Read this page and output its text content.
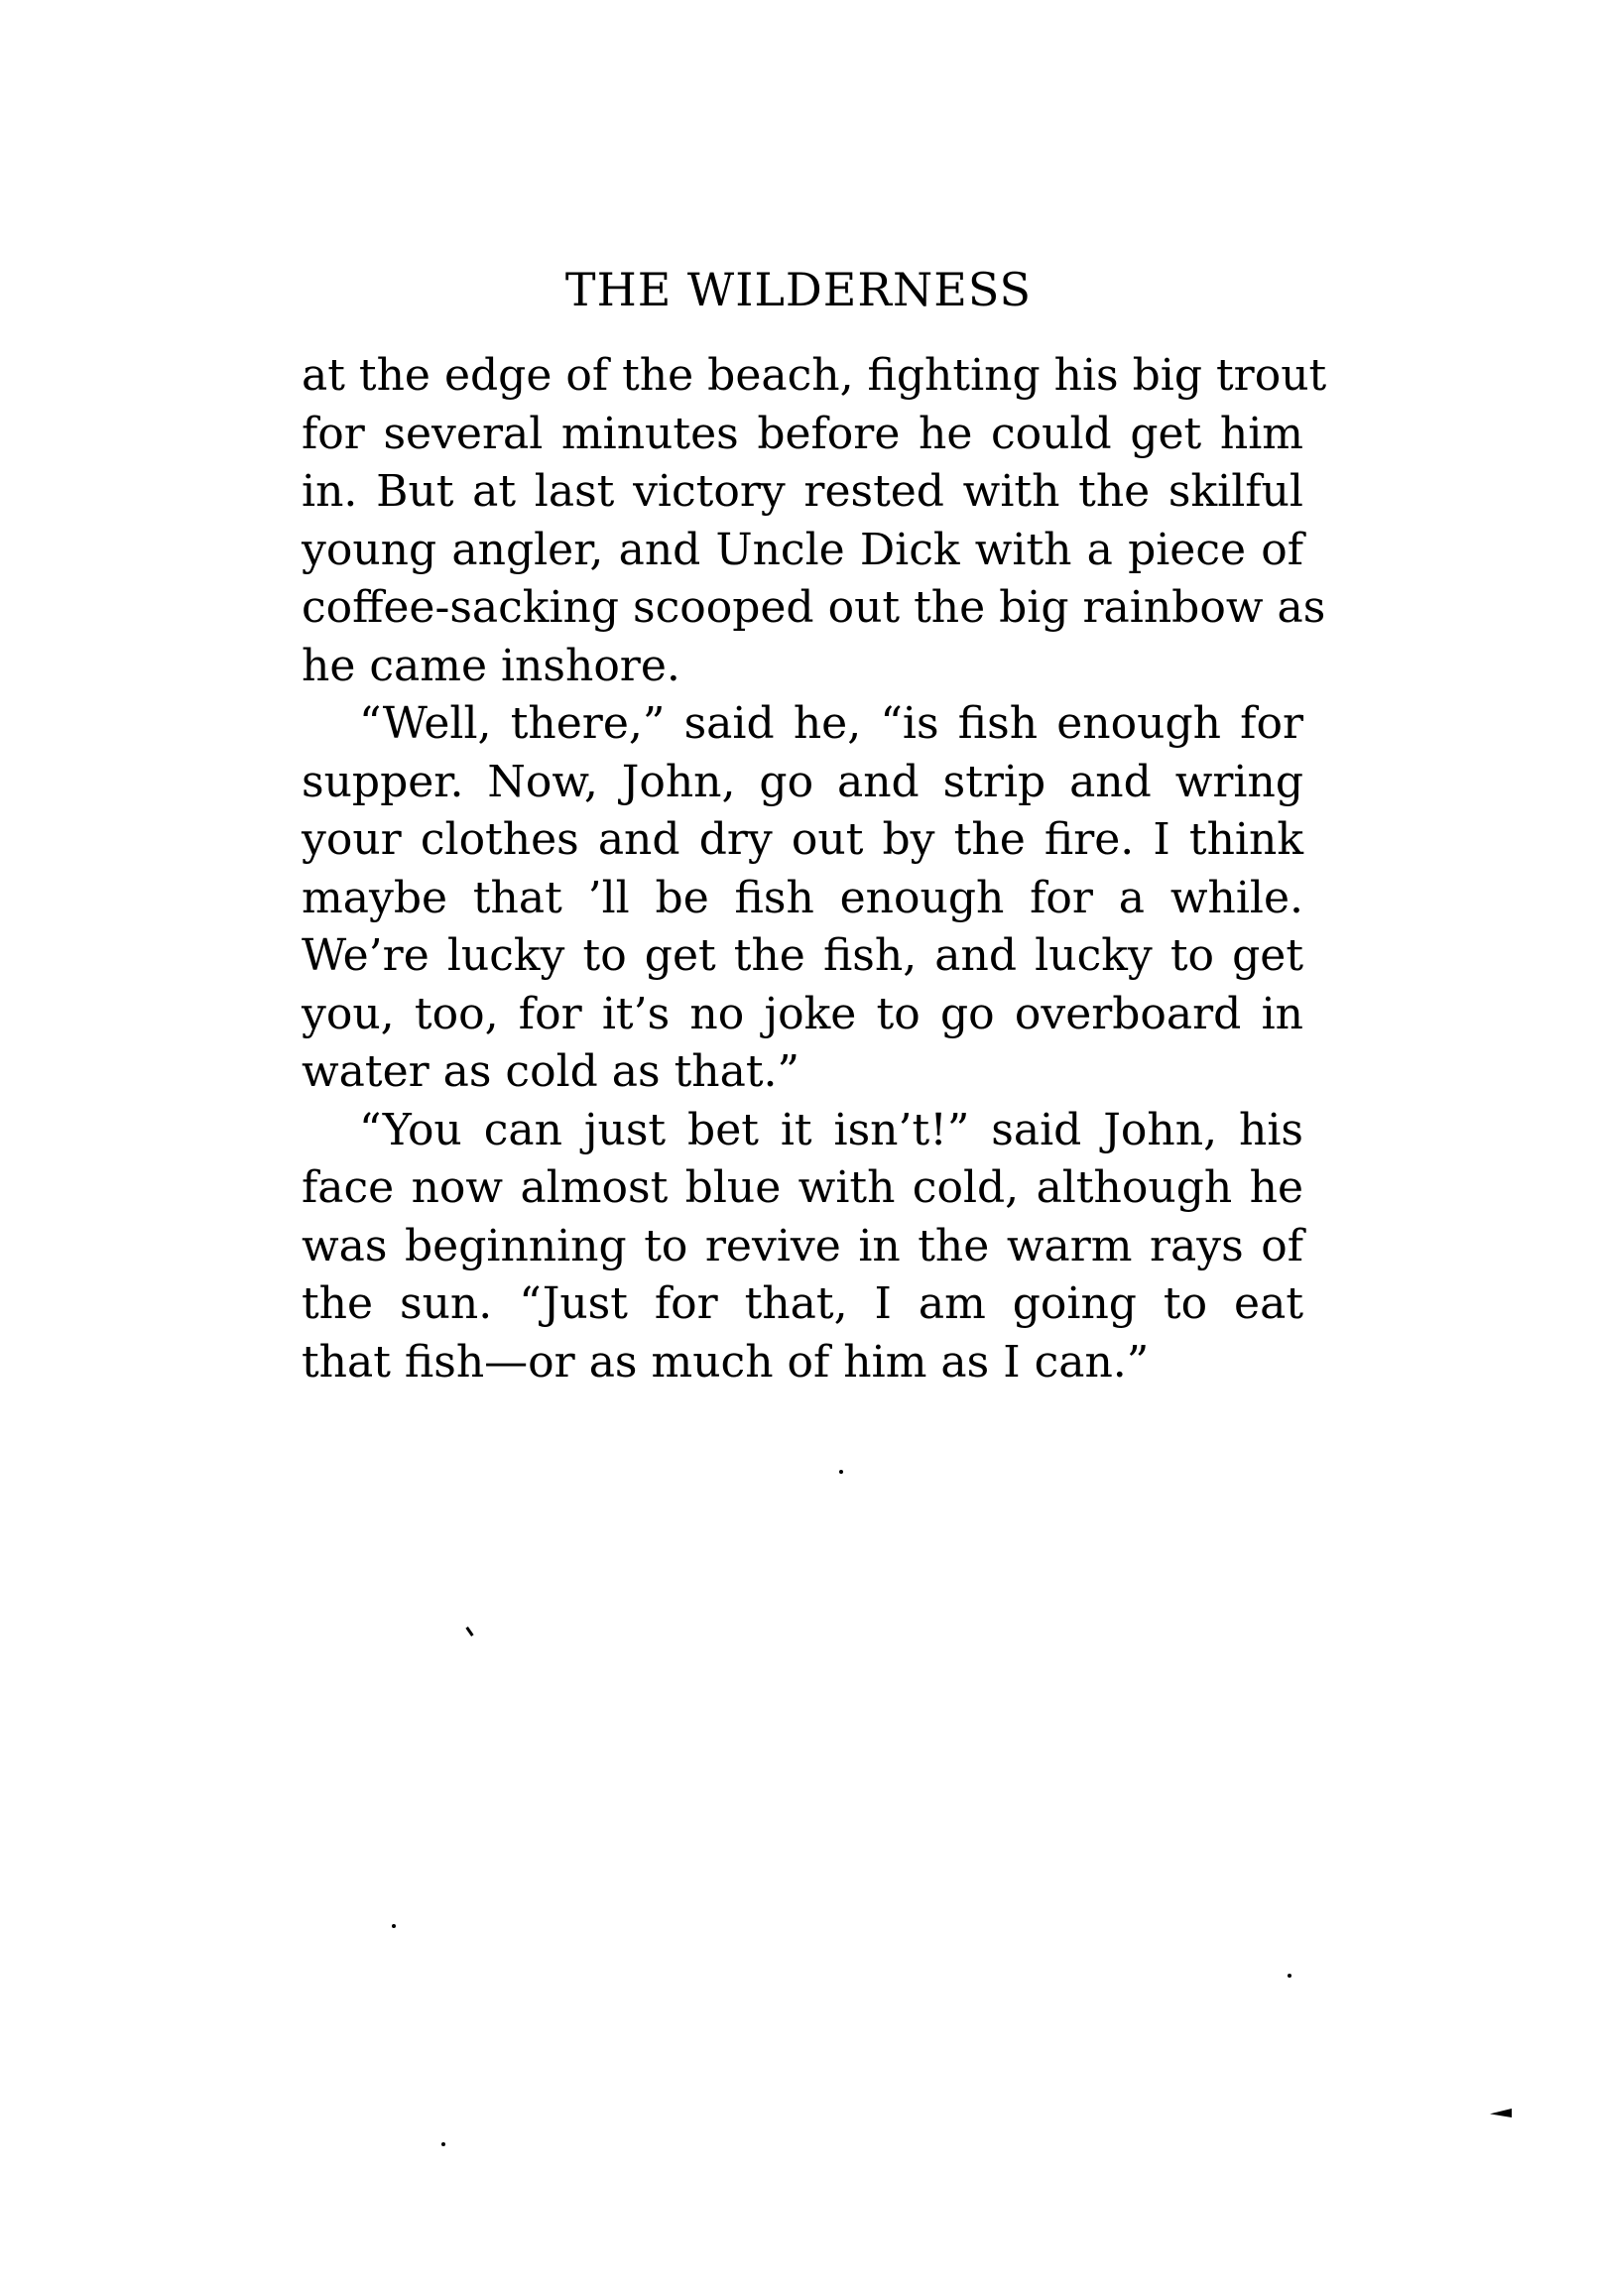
THE WILDERNESS

at the edge of the beach, fighting his big trout
for several minutes before he could get him
in. But at last victory rested with the skilful
young angler, and Uncle Dick with a piece of
coffee-sacking scooped out the big rainbow as
he came inshore.

“Well, there,” said he, “is fish enough for
supper. Now, John, go and strip and wring
your clothes and dry out by the fire. I think
maybe that ’ll be fish enough for a while.
We’re lucky to get the fish, and lucky to get
you, too, for it’s no joke to go overboard in
water as cold as that.”

“You can just bet it isn’t!” said John, his
face now almost blue with cold, although he
was beginning to revive in the warm rays of
the sun. “Just for that, I am going to eat
that fish—or as much of him as I can.”
